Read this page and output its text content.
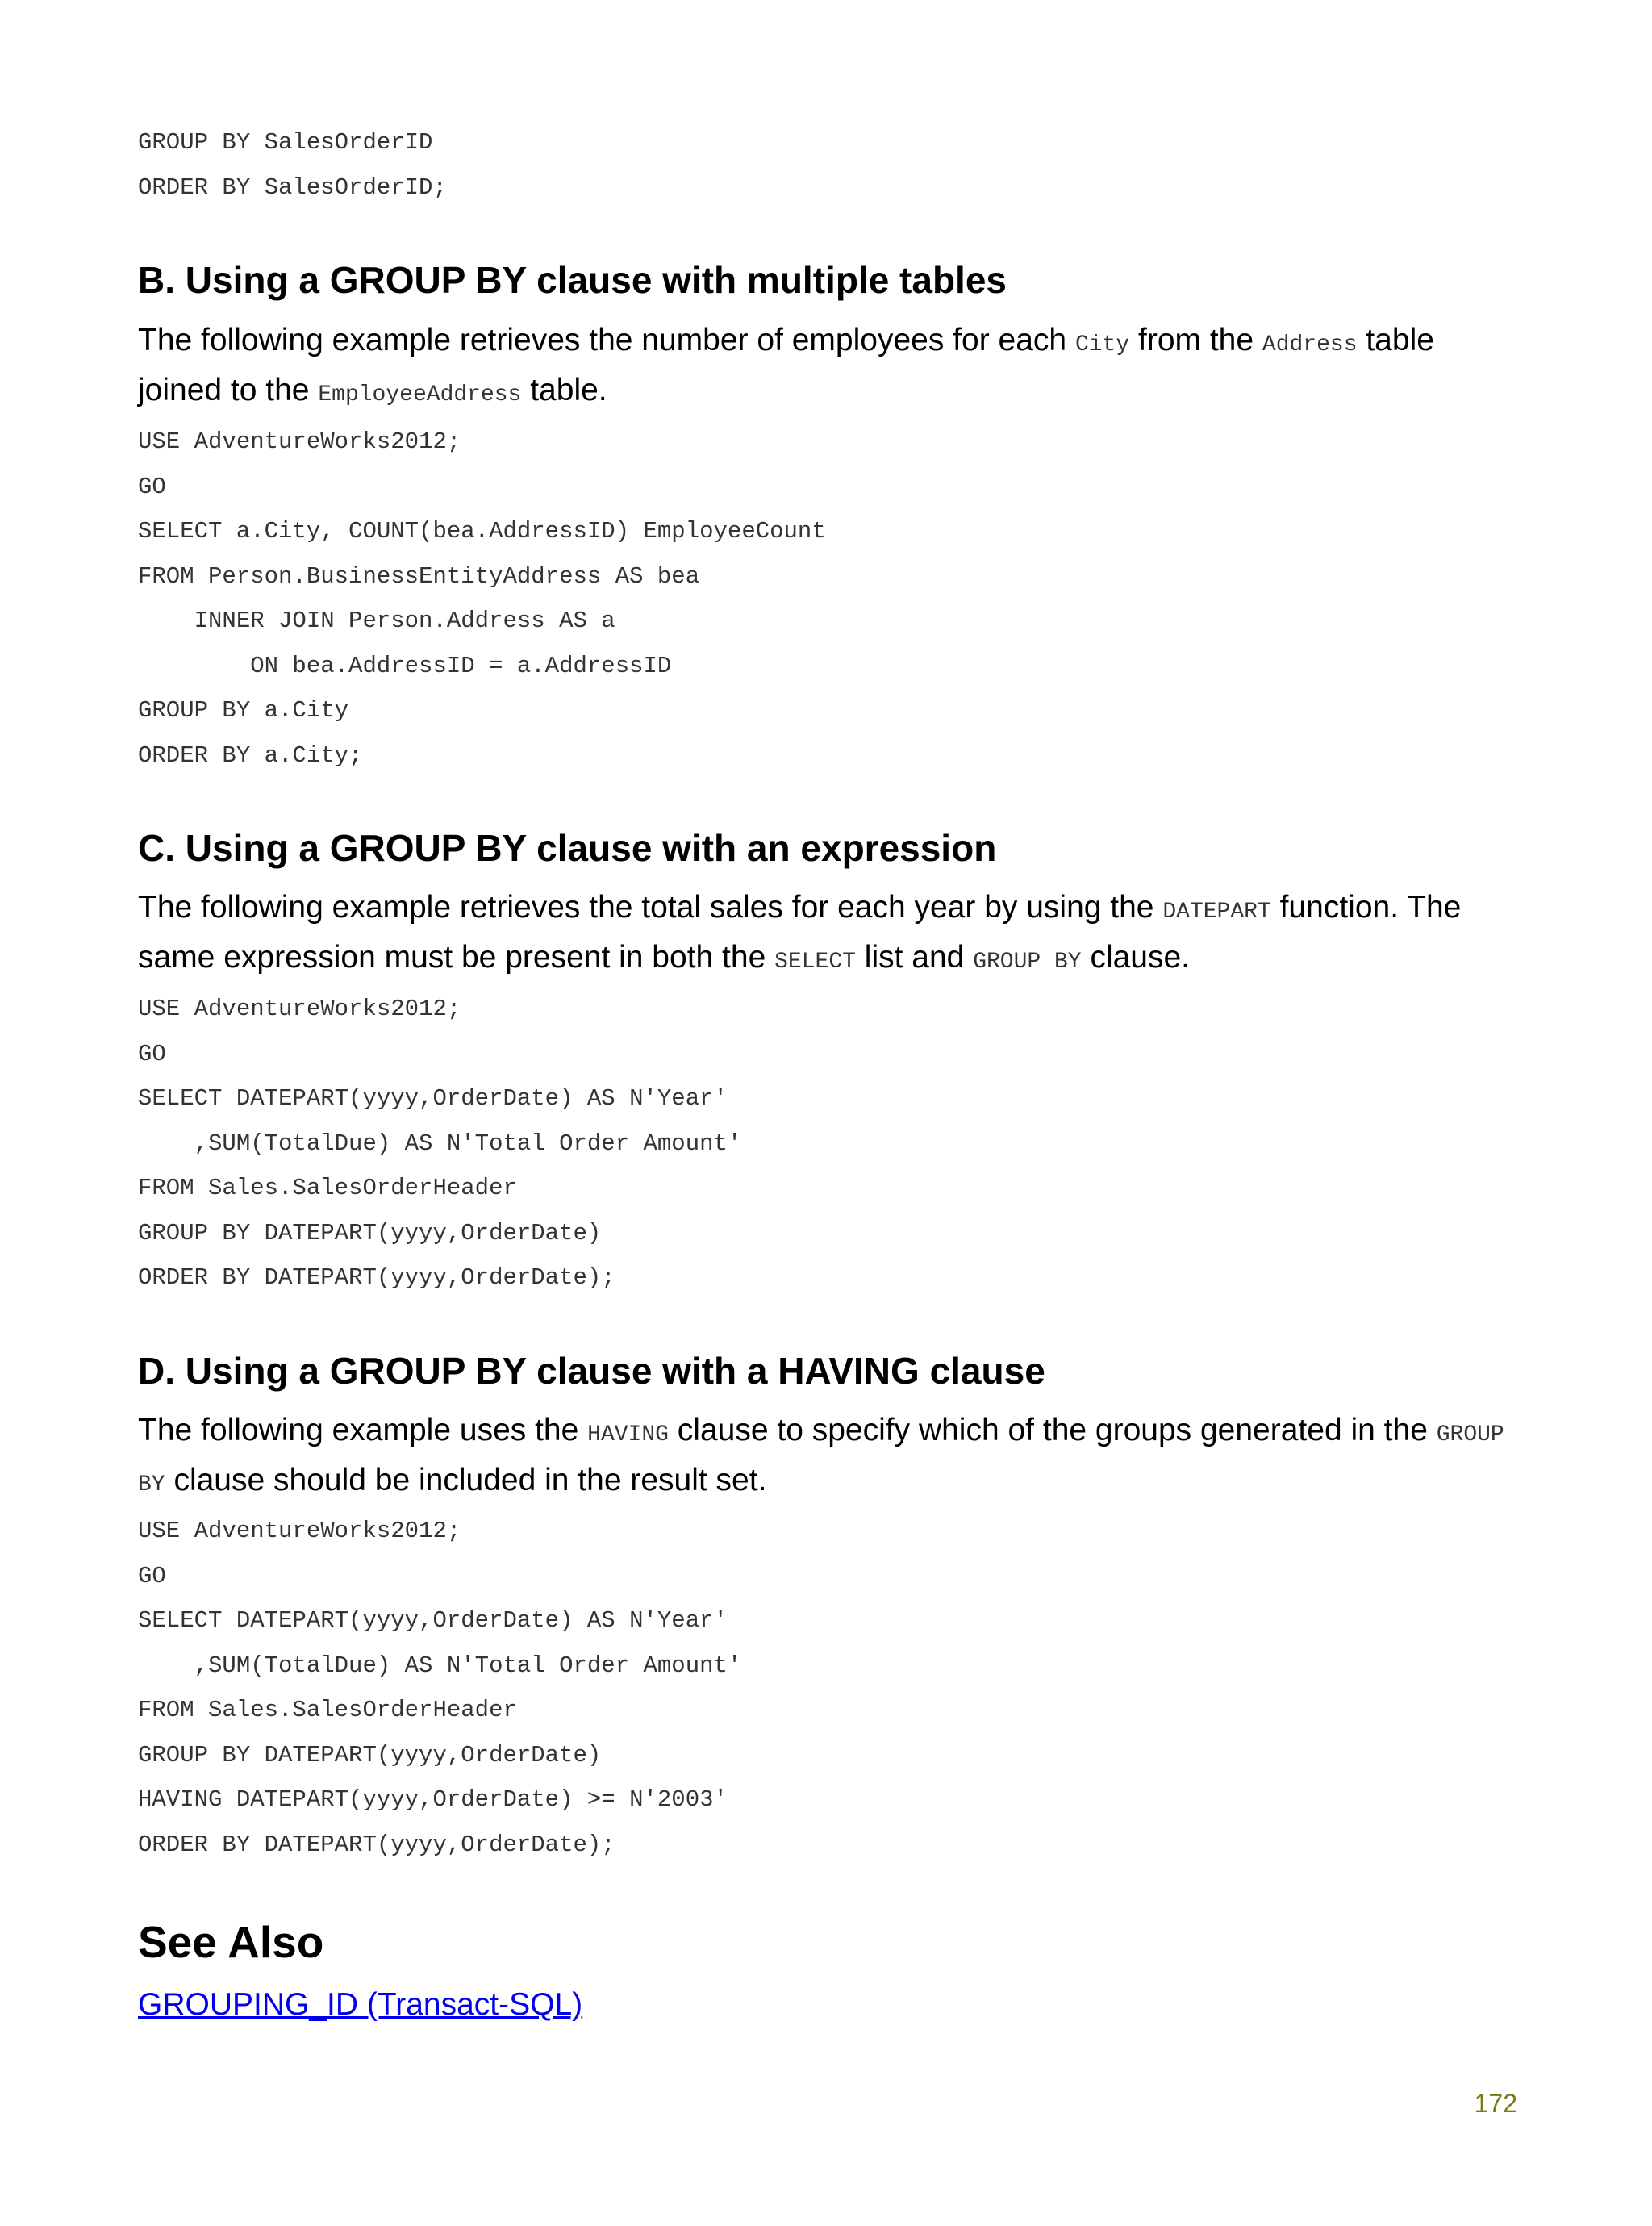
GROUP BY SalesOrderID
ORDER BY SalesOrderID;
B. Using a GROUP BY clause with multiple tables

The following example retrieves the number of employees for each City from the Address table joined to the EmployeeAddress table.

USE AdventureWorks2012;
GO
SELECT a.City, COUNT(bea.AddressID) EmployeeCount
FROM Person.BusinessEntityAddress AS bea
INNER JOIN Person.Address AS a
ON bea.AddressID = a.AddressID
GROUP BY a.City
ORDER BY a.City;
C. Using a GROUP BY clause with an expression

The following example retrieves the total sales for each year by using the DATEPART function. The same expression must be present in both the SELECT list and GROUP BY clause.

USE AdventureWorks2012;
GO
SELECT DATEPART(yyyy,OrderDate) AS N'Year'
,SUM(TotalDue) AS N'Total Order Amount'
FROM Sales.SalesOrderHeader
GROUP BY DATEPART(yyyy,OrderDate)
ORDER BY DATEPART(yyyy,OrderDate);
D. Using a GROUP BY clause with a HAVING clause

The following example uses the HAVING clause to specify which of the groups generated in the GROUP BY clause should be included in the result set.

USE AdventureWorks2012;
GO
SELECT DATEPART(yyyy,OrderDate) AS N'Year'
,SUM(TotalDue) AS N'Total Order Amount'
FROM Sales.SalesOrderHeader
GROUP BY DATEPART(yyyy,OrderDate)
HAVING DATEPART(yyyy,OrderDate) >= N'2003'
ORDER BY DATEPART(yyyy,OrderDate);
See Also
GROUPING_ID (Transact-SQL)
172
